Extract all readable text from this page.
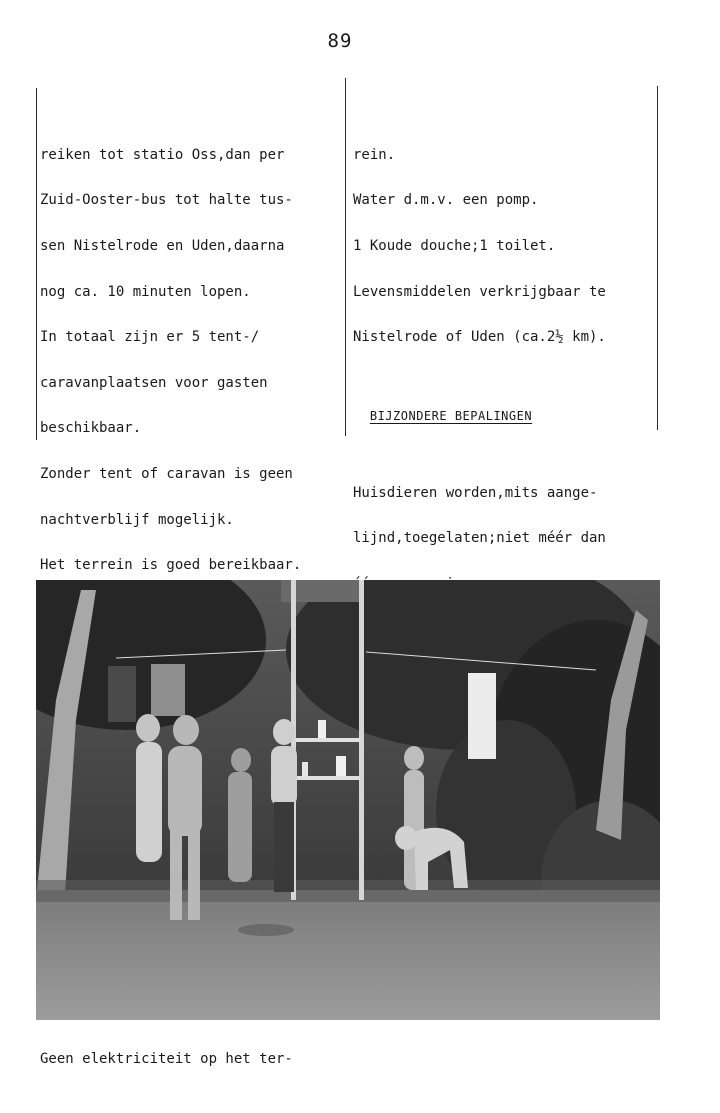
89

reiken tot statio Oss,dan per

Zuid-Ooster-bus tot halte tus-

sen Nistelrode en Uden,daarna

nog ca. 10 minuten lopen.

In totaal zijn er 5 tent-/

caravanplaatsen voor gasten

beschikbaar.

Zonder tent of caravan is geen

nachtverblijf mogelijk.

Het terrein is goed bereikbaar.

Geen elektriciteit op het ter-

rein.

Water d.m.v. een pomp.

1 Koude douche;1 toilet.

Levensmiddelen verkrijgbaar te

Nistelrode of Uden (ca.2½ km).

BIJZONDERE BEPALINGEN

Huisdieren worden,mits aange-

lijnd,toegelaten;niet méér dan
